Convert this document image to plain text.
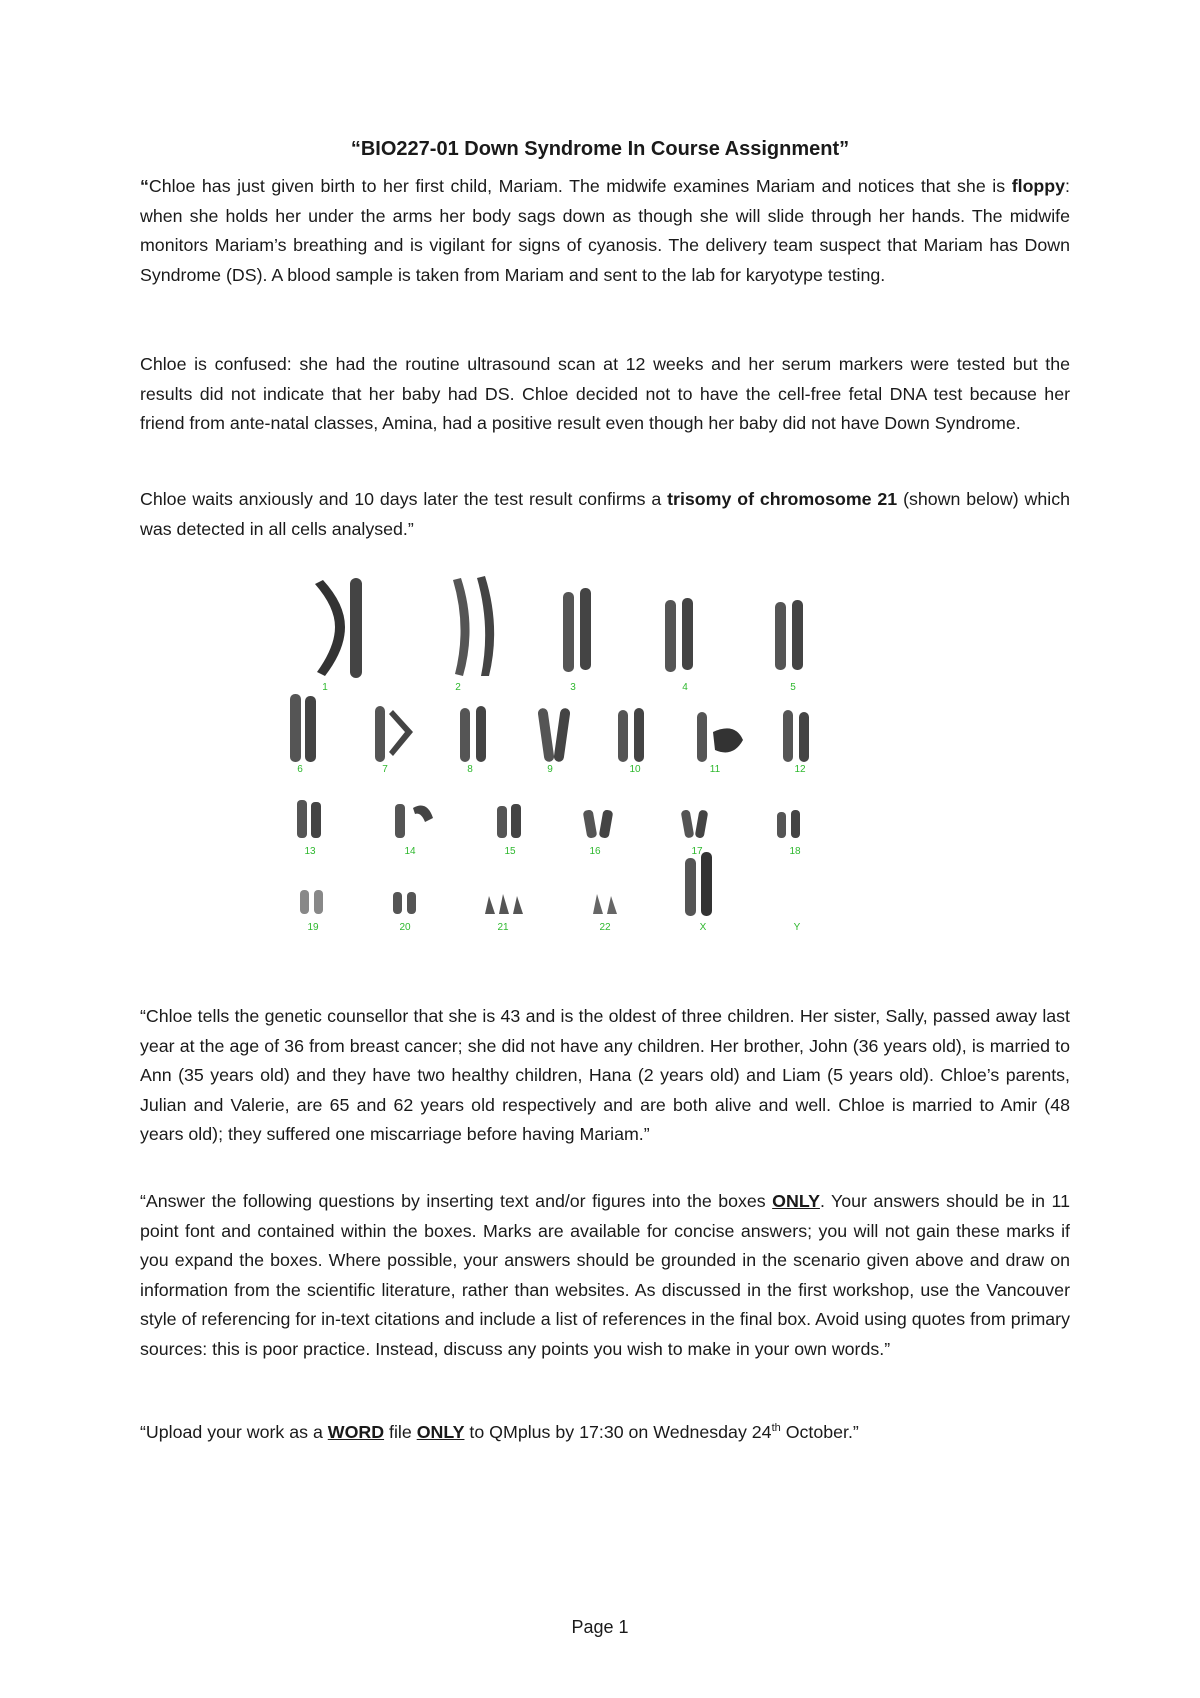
“BIO227-01 Down Syndrome In Course Assignment”

“Chloe has just given birth to her first child, Mariam. The midwife examines Mariam and notices that she is floppy: when she holds her under the arms her body sags down as though she will slide through her hands. The midwife monitors Mariam’s breathing and is vigilant for signs of cyanosis. The delivery team suspect that Mariam has Down Syndrome (DS). A blood sample is taken from Mariam and sent to the lab for karyotype testing.

Chloe is confused: she had the routine ultrasound scan at 12 weeks and her serum markers were tested but the results did not indicate that her baby had DS. Chloe decided not to have the cell-free fetal DNA test because her friend from ante-natal classes, Amina, had a positive result even though her baby did not have Down Syndrome.

Chloe waits anxiously and 10 days later the test result confirms a trisomy of chromosome 21 (shown below) which was detected in all cells analysed.”

1	2	3	4	5
6	7	8	9	10	11	12
13	14	15	16	17	18
19	20	21	22	X	Y

“Chloe tells the genetic counsellor that she is 43 and is the oldest of three children. Her sister, Sally, passed away last year at the age of 36 from breast cancer; she did not have any children. Her brother, John (36 years old), is married to Ann (35 years old) and they have two healthy children, Hana (2 years old) and Liam (5 years old). Chloe’s parents, Julian and Valerie, are 65 and 62 years old respectively and are both alive and well. Chloe is married to Amir (48 years old); they suffered one miscarriage before having Mariam.”

“Answer the following questions by inserting text and/or figures into the boxes ONLY. Your answers should be in 11 point font and contained within the boxes. Marks are available for concise answers; you will not gain these marks if you expand the boxes. Where possible, your answers should be grounded in the scenario given above and draw on information from the scientific literature, rather than websites. As discussed in the first workshop, use the Vancouver style of referencing for in-text citations and include a list of references in the final box. Avoid using quotes from primary sources: this is poor practice. Instead, discuss any points you wish to make in your own words.”

“Upload your work as a WORD file ONLY to QMplus by 17:30 on Wednesday 24th October.”

Page 1
